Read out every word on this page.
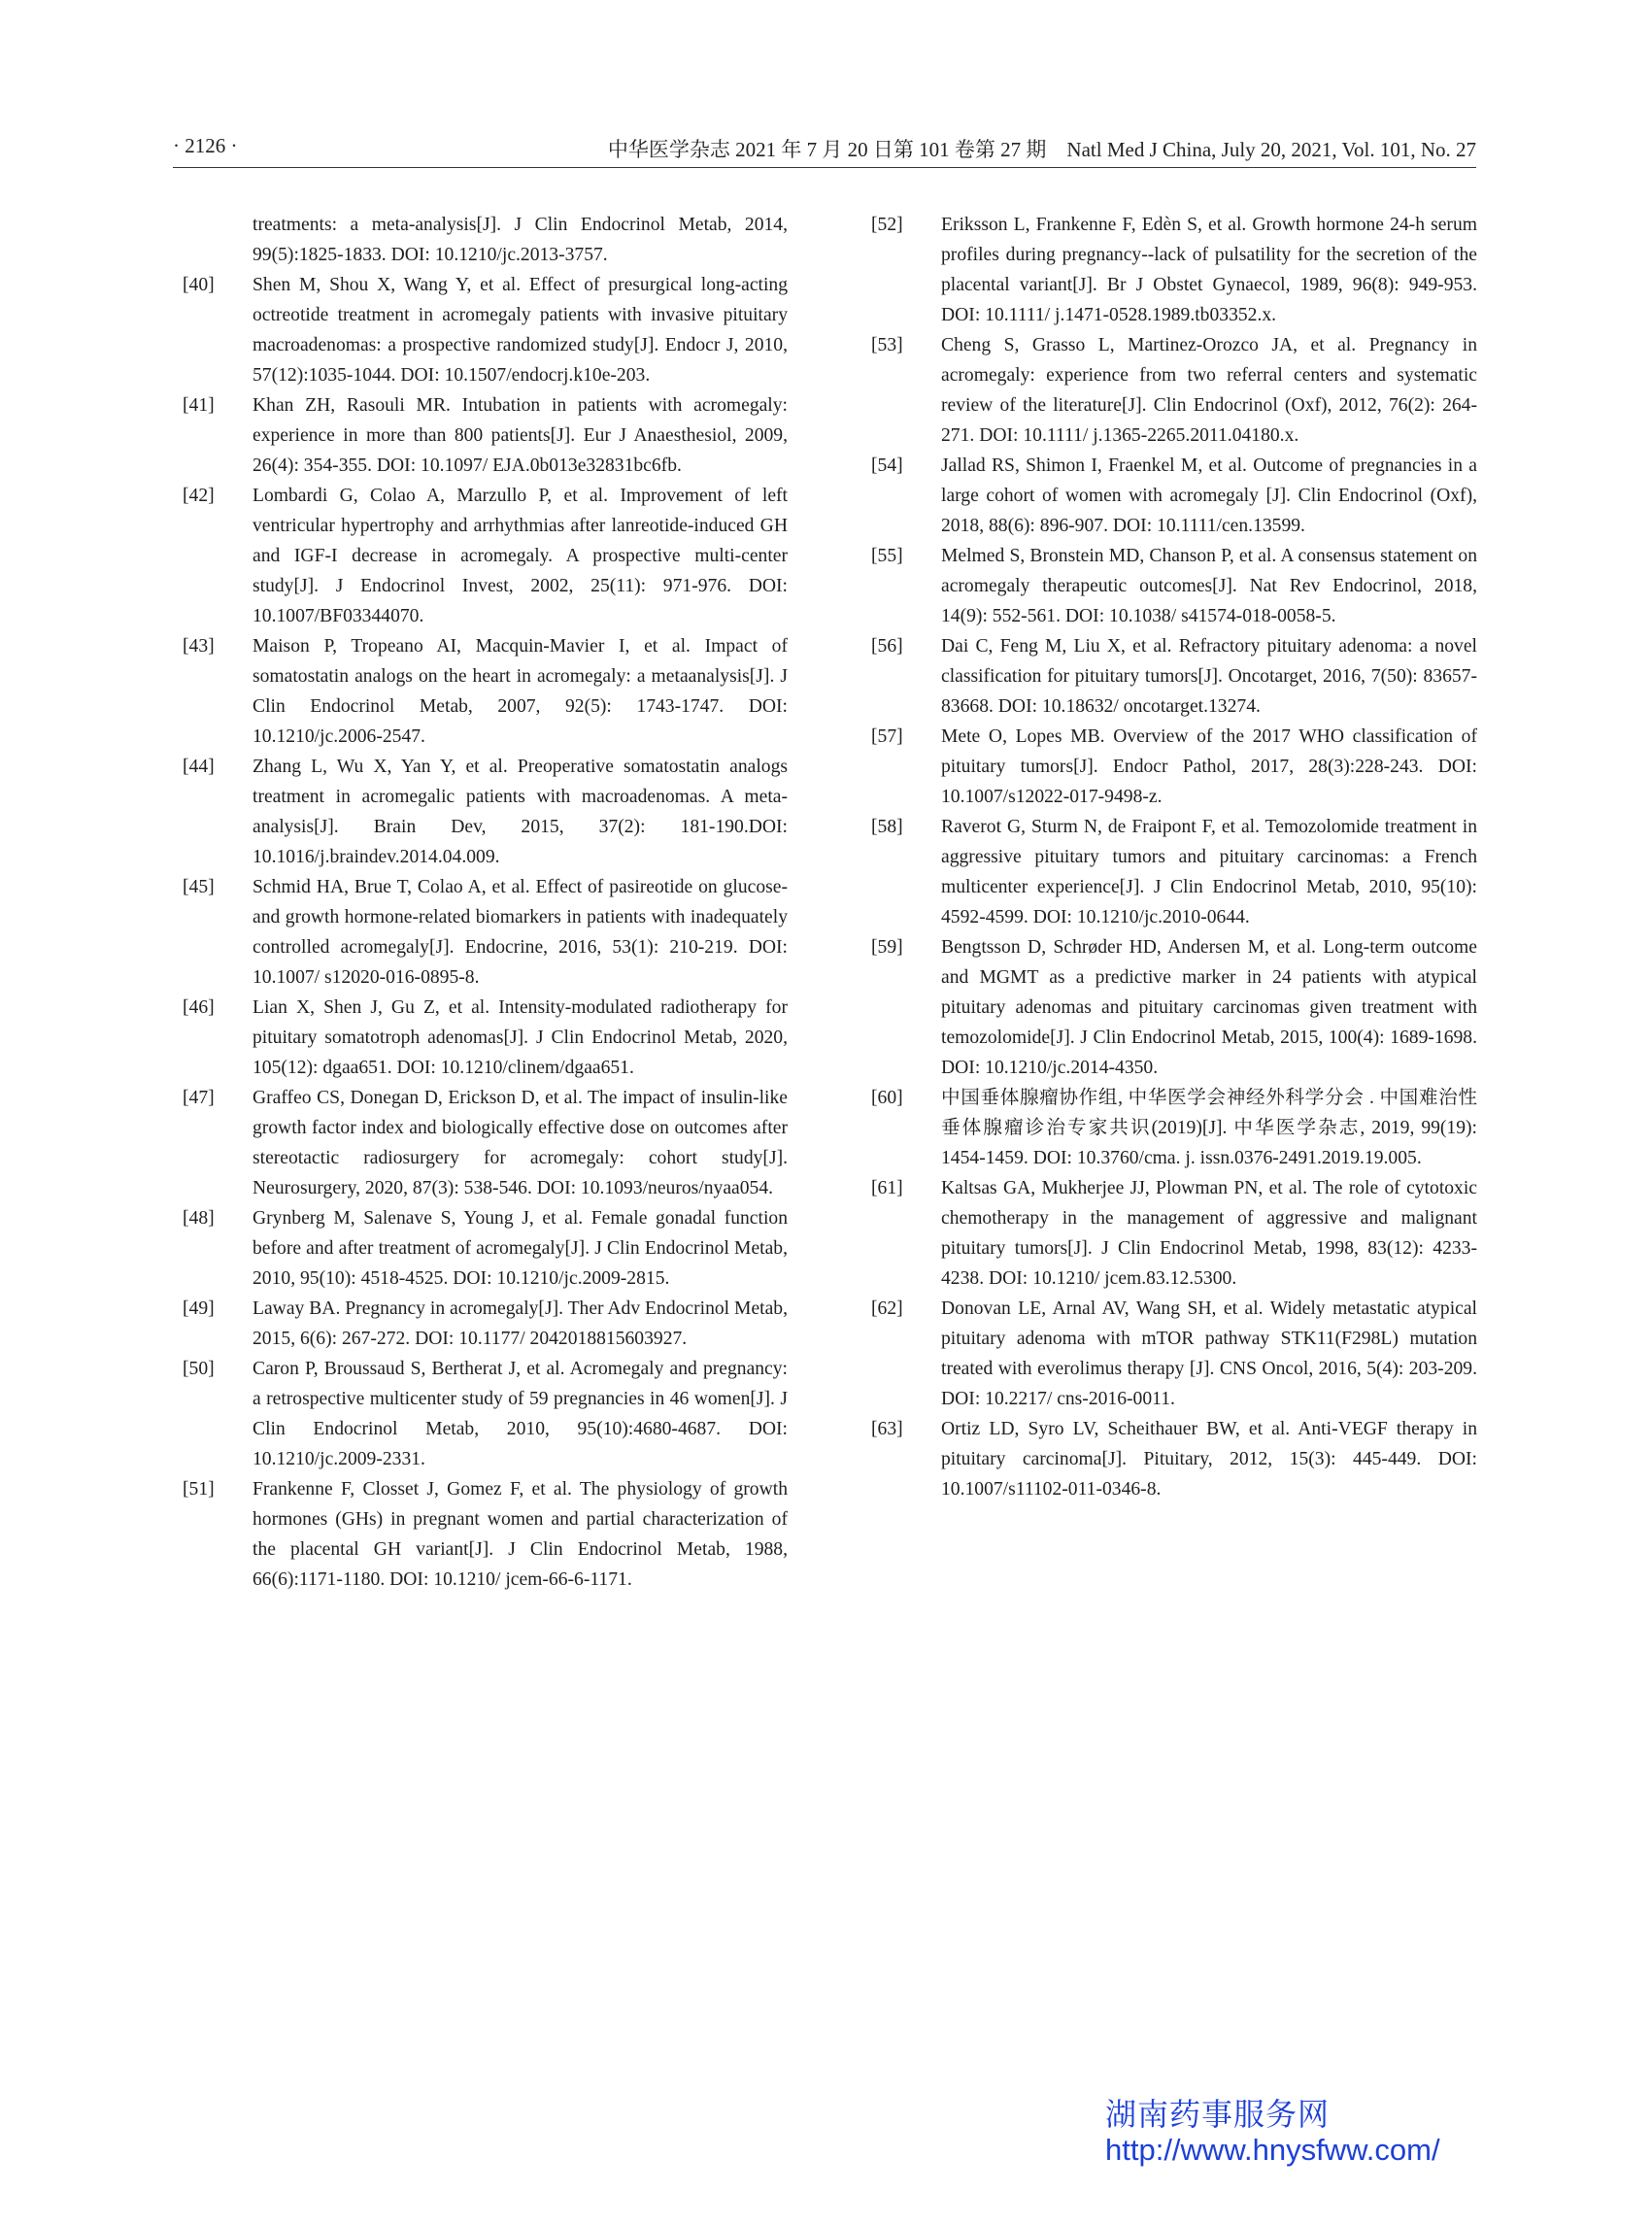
· 2126 ·	中华医学杂志 2021 年 7 月 20 日第 101 卷第 27 期　Natl Med J China, July 20, 2021, Vol. 101, No. 27
treatments: a meta-analysis[J]. J Clin Endocrinol Metab, 2014, 99(5):1825-1833. DOI: 10.1210/jc.2013-3757.
[40] Shen M, Shou X, Wang Y, et al. Effect of presurgical long-acting octreotide treatment in acromegaly patients with invasive pituitary macroadenomas: a prospective randomized study[J]. Endocr J, 2010, 57(12):1035-1044. DOI: 10.1507/endocrj.k10e-203.
[41] Khan ZH, Rasouli MR. Intubation in patients with acromegaly: experience in more than 800 patients[J]. Eur J Anaesthesiol, 2009, 26(4): 354-355. DOI: 10.1097/ EJA.0b013e32831bc6fb.
[42] Lombardi G, Colao A, Marzullo P, et al. Improvement of left ventricular hypertrophy and arrhythmias after lanreotide-induced GH and IGF-I decrease in acromegaly. A prospective multi-center study[J]. J Endocrinol Invest, 2002, 25(11): 971-976. DOI: 10.1007/BF03344070.
[43] Maison P, Tropeano AI, Macquin-Mavier I, et al. Impact of somatostatin analogs on the heart in acromegaly: a metaanalysis[J]. J Clin Endocrinol Metab, 2007, 92(5): 1743-1747. DOI: 10.1210/jc.2006-2547.
[44] Zhang L, Wu X, Yan Y, et al. Preoperative somatostatin analogs treatment in acromegalic patients with macroadenomas. A meta-analysis[J]. Brain Dev, 2015, 37(2): 181-190.DOI: 10.1016/j.braindev.2014.04.009.
[45] Schmid HA, Brue T, Colao A, et al. Effect of pasireotide on glucose-and growth hormone-related biomarkers in patients with inadequately controlled acromegaly[J]. Endocrine, 2016, 53(1): 210-219. DOI: 10.1007/ s12020-016-0895-8.
[46] Lian X, Shen J, Gu Z, et al. Intensity-modulated radiotherapy for pituitary somatotroph adenomas[J]. J Clin Endocrinol Metab, 2020, 105(12): dgaa651. DOI: 10.1210/clinem/dgaa651.
[47] Graffeo CS, Donegan D, Erickson D, et al. The impact of insulin-like growth factor index and biologically effective dose on outcomes after stereotactic radiosurgery for acromegaly: cohort study[J]. Neurosurgery, 2020, 87(3): 538-546. DOI: 10.1093/neuros/nyaa054.
[48] Grynberg M, Salenave S, Young J, et al. Female gonadal function before and after treatment of acromegaly[J]. J Clin Endocrinol Metab, 2010, 95(10): 4518-4525. DOI: 10.1210/jc.2009-2815.
[49] Laway BA. Pregnancy in acromegaly[J]. Ther Adv Endocrinol Metab, 2015, 6(6): 267-272. DOI: 10.1177/ 2042018815603927.
[50] Caron P, Broussaud S, Bertherat J, et al. Acromegaly and pregnancy: a retrospective multicenter study of 59 pregnancies in 46 women[J]. J Clin Endocrinol Metab, 2010, 95(10):4680-4687. DOI: 10.1210/jc.2009-2331.
[51] Frankenne F, Closset J, Gomez F, et al. The physiology of growth hormones (GHs) in pregnant women and partial characterization of the placental GH variant[J]. J Clin Endocrinol Metab, 1988, 66(6):1171-1180. DOI: 10.1210/ jcem-66-6-1171.
[52] Eriksson L, Frankenne F, Edèn S, et al. Growth hormone 24-h serum profiles during pregnancy--lack of pulsatility for the secretion of the placental variant[J]. Br J Obstet Gynaecol, 1989, 96(8): 949-953. DOI: 10.1111/ j.1471-0528.1989.tb03352.x.
[53] Cheng S, Grasso L, Martinez-Orozco JA, et al. Pregnancy in acromegaly: experience from two referral centers and systematic review of the literature[J]. Clin Endocrinol (Oxf), 2012, 76(2): 264-271. DOI: 10.1111/ j.1365-2265.2011.04180.x.
[54] Jallad RS, Shimon I, Fraenkel M, et al. Outcome of pregnancies in a large cohort of women with acromegaly [J]. Clin Endocrinol (Oxf), 2018, 88(6): 896-907. DOI: 10.1111/cen.13599.
[55] Melmed S, Bronstein MD, Chanson P, et al. A consensus statement on acromegaly therapeutic outcomes[J]. Nat Rev Endocrinol, 2018, 14(9): 552-561. DOI: 10.1038/ s41574-018-0058-5.
[56] Dai C, Feng M, Liu X, et al. Refractory pituitary adenoma: a novel classification for pituitary tumors[J]. Oncotarget, 2016, 7(50): 83657-83668. DOI: 10.18632/ oncotarget.13274.
[57] Mete O, Lopes MB. Overview of the 2017 WHO classification of pituitary tumors[J]. Endocr Pathol, 2017, 28(3):228-243. DOI: 10.1007/s12022-017-9498-z.
[58] Raverot G, Sturm N, de Fraipont F, et al. Temozolomide treatment in aggressive pituitary tumors and pituitary carcinomas: a French multicenter experience[J]. J Clin Endocrinol Metab, 2010, 95(10): 4592-4599. DOI: 10.1210/jc.2010-0644.
[59] Bengtsson D, Schrøder HD, Andersen M, et al. Long-term outcome and MGMT as a predictive marker in 24 patients with atypical pituitary adenomas and pituitary carcinomas given treatment with temozolomide[J]. J Clin Endocrinol Metab, 2015, 100(4): 1689-1698. DOI: 10.1210/jc.2014-4350.
[60] 中国垂体腺瘤协作组, 中华医学会神经外科学分会 . 中国难治性垂体腺瘤诊治专家共识(2019)[J]. 中华医学杂志, 2019, 99(19): 1454-1459. DOI: 10.3760/cma. j. issn.0376-2491.2019.19.005.
[61] Kaltsas GA, Mukherjee JJ, Plowman PN, et al. The role of cytotoxic chemotherapy in the management of aggressive and malignant pituitary tumors[J]. J Clin Endocrinol Metab, 1998, 83(12): 4233-4238. DOI: 10.1210/ jcem.83.12.5300.
[62] Donovan LE, Arnal AV, Wang SH, et al. Widely metastatic atypical pituitary adenoma with mTOR pathway STK11(F298L) mutation treated with everolimus therapy [J]. CNS Oncol, 2016, 5(4): 203-209. DOI: 10.2217/ cns-2016-0011.
[63] Ortiz LD, Syro LV, Scheithauer BW, et al. Anti-VEGF therapy in pituitary carcinoma[J]. Pituitary, 2012, 15(3): 445-449. DOI: 10.1007/s11102-011-0346-8.
湖南药事服务网
http://www.hnysfww.com/
